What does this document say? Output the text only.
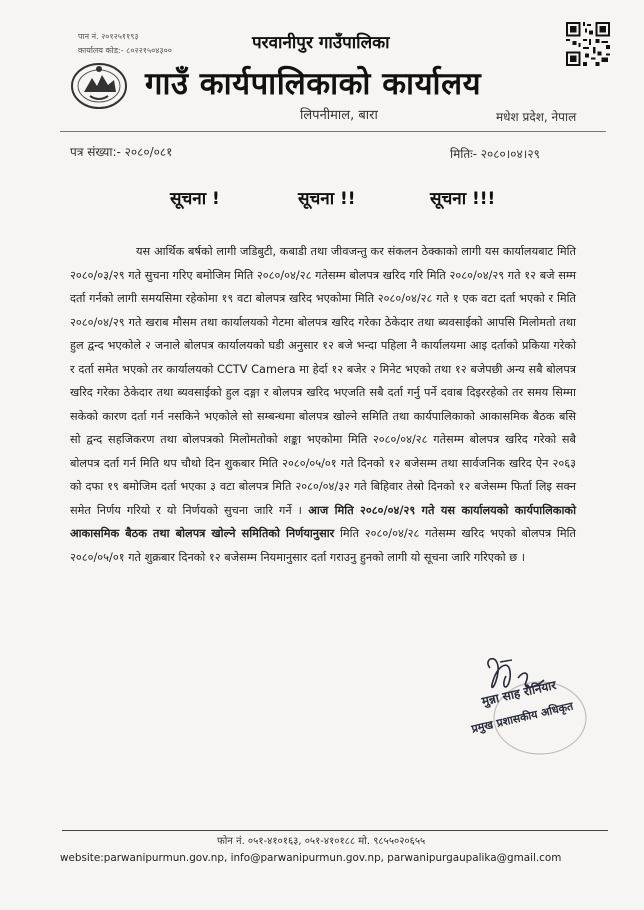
पान नं. २०१२५११९३
कार्यालय कोड:- ८०२२१५०४३००	परवानीपुर गाउँपालिका
गाउँ कार्यपालिकाको कार्यालय
लिपनीमाल, बारा	मधेश प्रदेश, नेपाल
पत्र संख्या:- २०८०/०८१	मितिः- २०८०।०४।२९
सूचना !	सूचना !!	सूचना !!!
यस आर्थिक बर्षको लागी जडिबुटी, कबाडी तथा जीवजन्तु कर संकलन ठेक्काको लागी यस कार्यालयबाट मिति २०८०/०३/२९ गते सुचना गरिए बमोजिम मिति २०८०/०४/२८ गतेसम्म बोलपत्र खरिद गरि मिति २०८०/०४/२९ गते १२ बजे सम्म दर्ता गर्नको लागी समयसिमा रहेकोमा १९ वटा बोलपत्र खरिद भएकोमा मिति २०८०/०४/२८ गते १ एक वटा दर्ता भएको र मिति २०८०/०४/२९ गते खराब मौसम तथा कार्यालयको गेटमा बोलपत्र खरिद गरेका ठेकेदार तथा ब्यवसाईको आपसि मिलोमतो तथा हुल द्वन्द भएकोले २ जनाले बोलपत्र कार्यालयको घडी अनुसार १२ बजे भन्दा पहिला नै कार्यालयमा आइ दर्ताको प्रकिया गरेको र दर्ता समेत भएको तर कार्यालयको CCTV Camera मा हेर्दा १२ बजेर २ मिनेट भएको तथा १२ बजेपछी अन्य सबै बोलपत्र खरिद गरेका ठेकेदार तथा ब्यवसाईको हुल दङ्गा र बोलपत्र खरिद भएजति सबै दर्ता गर्नु पर्ने दवाब दिइररहेको तर समय सिम्मा सकेको कारण दर्ता गर्न नसकिने भएकोले सो सम्बन्धमा बोलपत्र खोल्ने समिति तथा कार्यपालिकाको आकासमिक बैठक बसि सो द्वन्द सहजिकरण तथा बोलपत्रको मिलोमतोको शङ्का भएकोमा मिति २०८०/०४/२८ गतेसम्म बोलपत्र खरिद गरेको सबै बोलपत्र दर्ता गर्न मिति थप चौथो दिन शुकबार मिति २०८०/०५/०१ गते दिनको १२ बजेसम्म तथा सार्वजनिक खरिद ऐन २०६३ को दफा १९ बमोजिम दर्ता भएका ३ वटा बोलपत्र मिति २०८०/०४/३२ गते बिहिवार तेस्रो दिनको १२ बजेसम्म फिर्ता लिइ सक्न समेत निर्णय गरियो र यो निर्णयको सुचना जारि गर्ने । आज मिति २०८०/०४/२९ गते यस कार्यालयको कार्यपालिकाको आकासमिक बैठक तथा बोलपत्र खोल्ने समितिको निर्णयानुसार मिति २०८०/०४/२८ गतेसम्म खरिद भएको बोलपत्र मिति २०८०/०५/०१ गते शुक्रबार दिनको १२ बजेसम्म नियमानुसार दर्ता गराउनु हुनको लागी यो सूचना जारि गरिएको छ ।
मुन्ना साह रौनियार
प्रमुख प्रशासकीय अधिकृत
फोन नं. ०५१-४१०१६३, ०५१-४१०१८८ मो. ९८५५०२०६५५
website:parwanipurmun.gov.np, info@parwanipurmun.gov.np, parwanipurgaupalika@gmail.com
